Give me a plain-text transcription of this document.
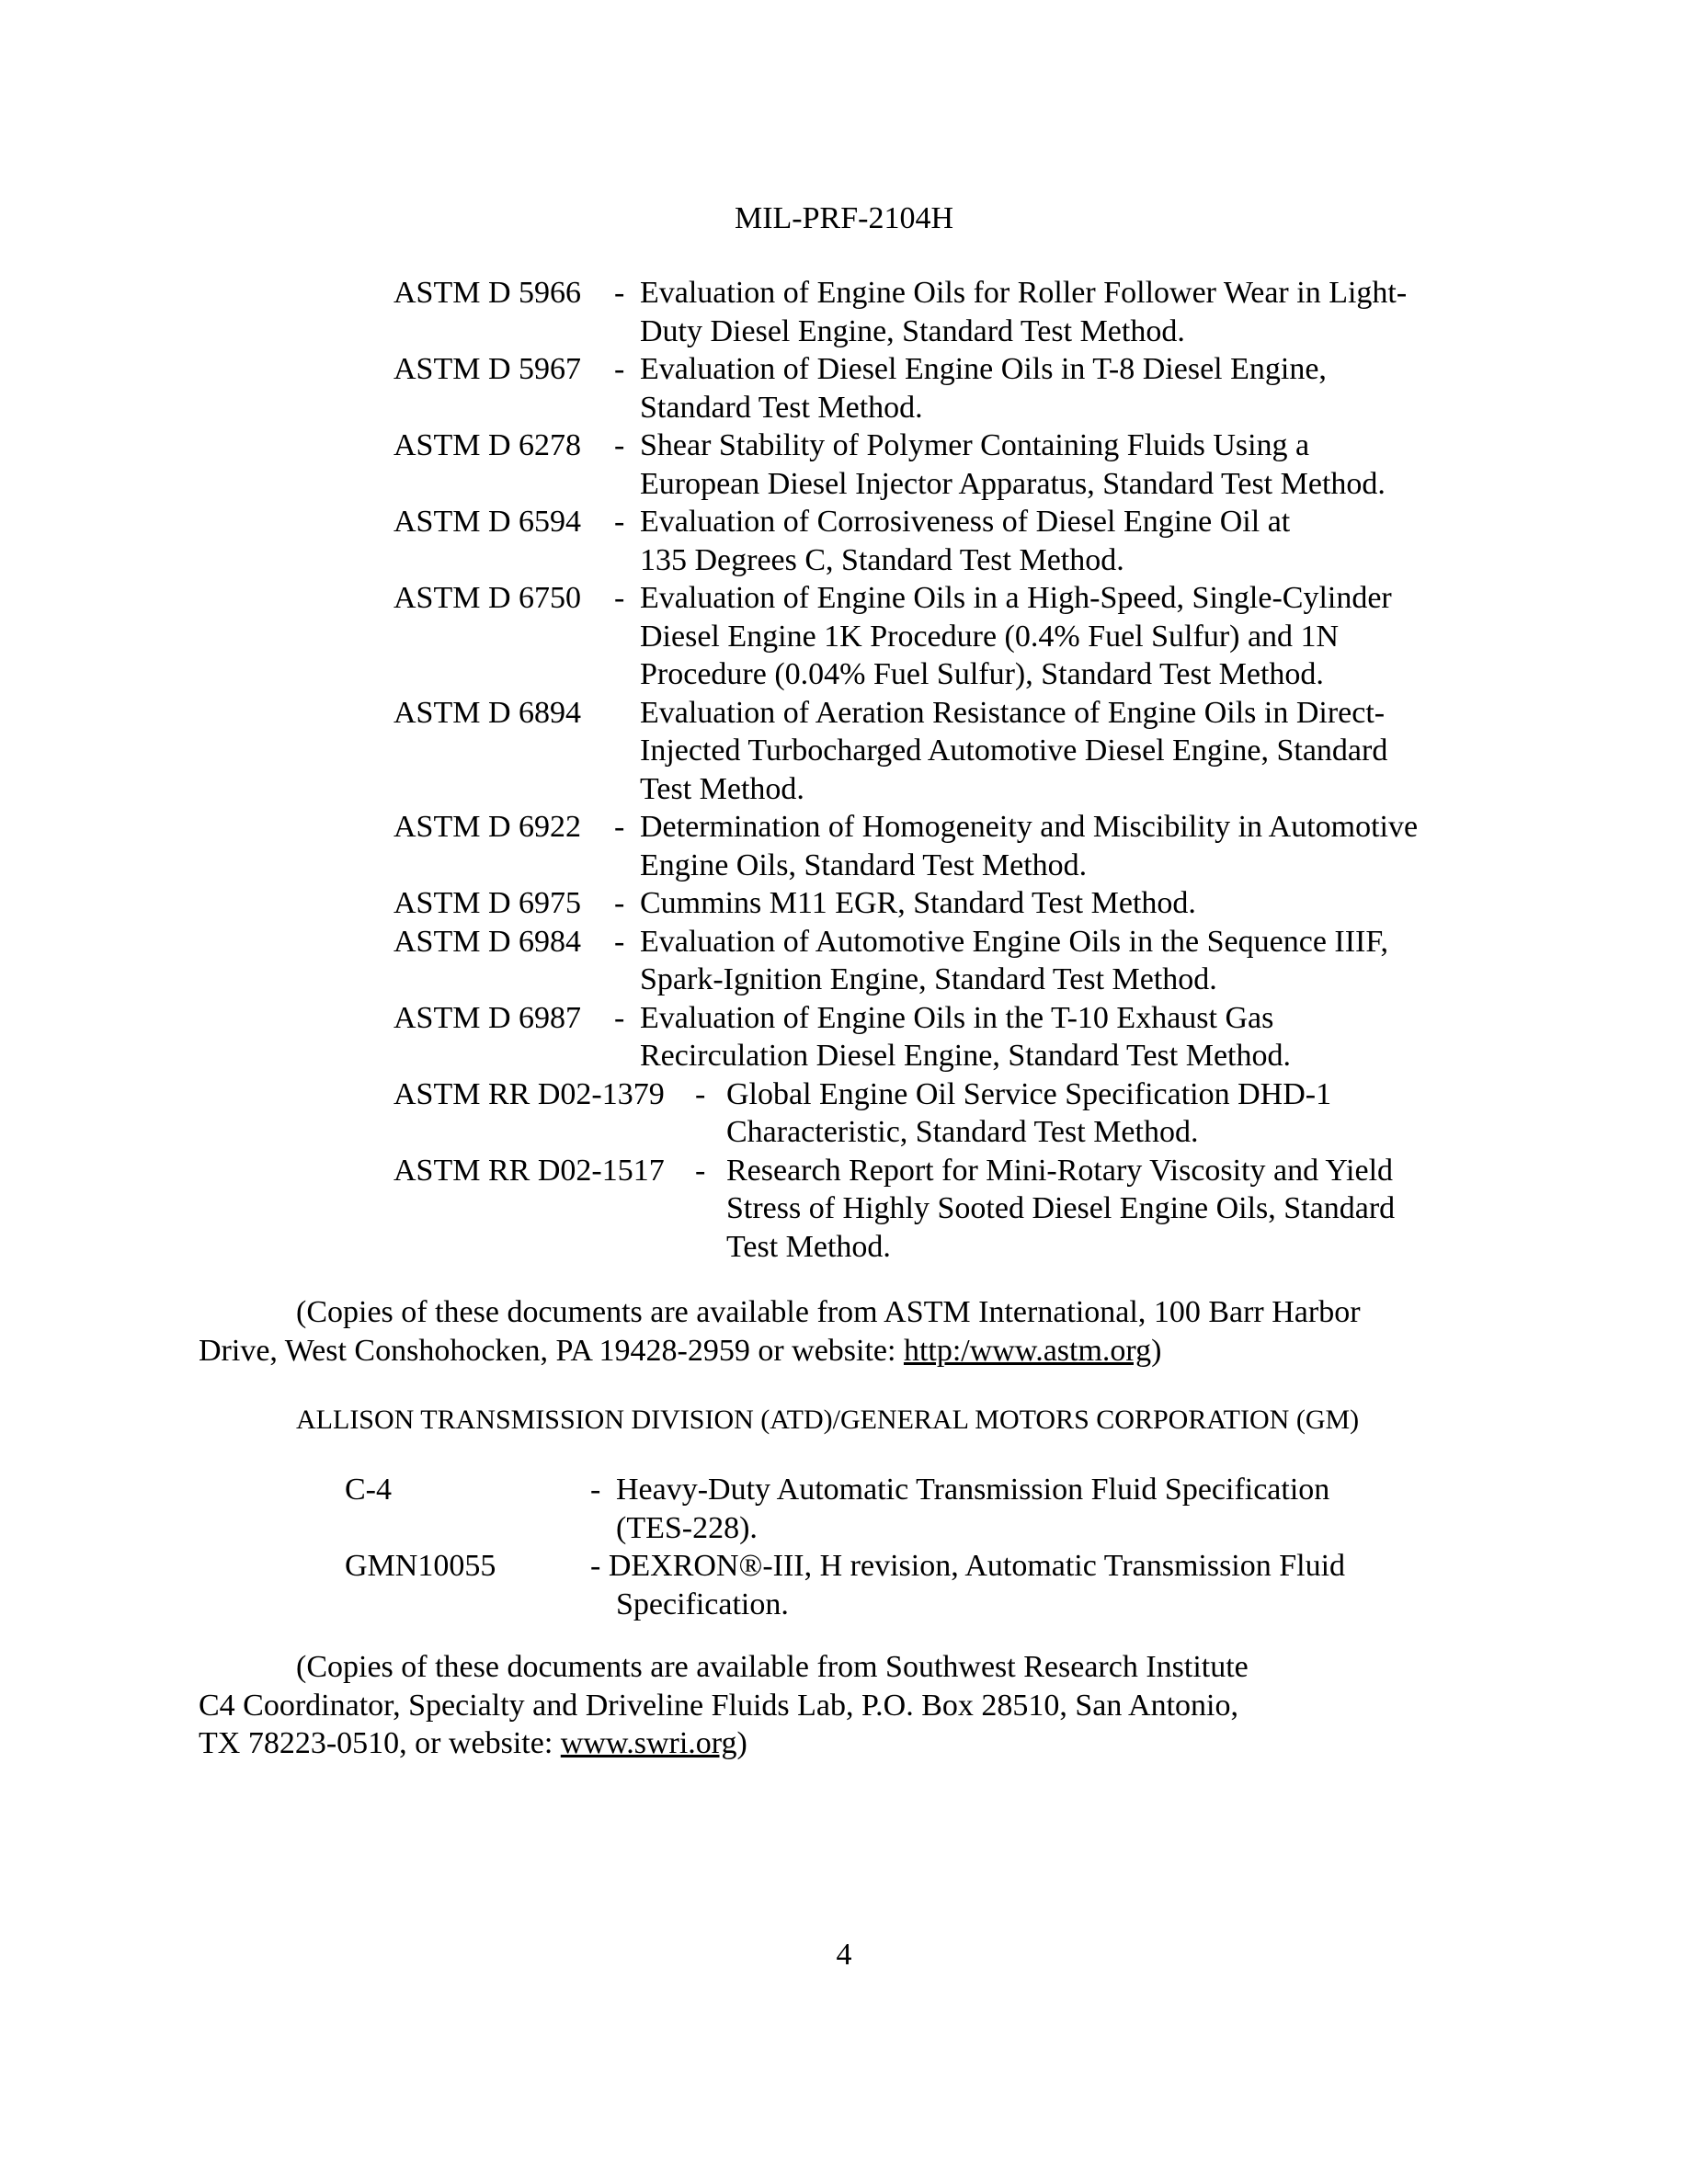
MIL-PRF-2104H
ASTM D 5966 - Evaluation of Engine Oils for Roller Follower Wear in Light-
Duty Diesel Engine, Standard Test Method.
ASTM D 5967 - Evaluation of Diesel Engine Oils in T-8 Diesel Engine,
Standard Test Method.
ASTM D 6278 - Shear Stability of Polymer Containing Fluids Using a
European Diesel Injector Apparatus, Standard Test Method.
ASTM D 6594 - Evaluation of Corrosiveness of Diesel Engine Oil at
135 Degrees C, Standard Test Method.
ASTM D 6750 - Evaluation of Engine Oils in a High-Speed, Single-Cylinder
Diesel Engine 1K Procedure (0.4% Fuel Sulfur) and 1N
Procedure (0.04% Fuel Sulfur), Standard Test Method.
ASTM D 6894 Evaluation of Aeration Resistance of Engine Oils in Direct-
Injected Turbocharged Automotive Diesel Engine, Standard
Test Method.
ASTM D 6922 - Determination of Homogeneity and Miscibility in Automotive
Engine Oils, Standard Test Method.
ASTM D 6975 - Cummins M11 EGR, Standard Test Method.
ASTM D 6984 - Evaluation of Automotive Engine Oils in the Sequence IIIF,
Spark-Ignition Engine, Standard Test Method.
ASTM D 6987 - Evaluation of Engine Oils in the T-10 Exhaust Gas
Recirculation Diesel Engine, Standard Test Method.
ASTM RR D02-1379 - Global Engine Oil Service Specification DHD-1
Characteristic, Standard Test Method.
ASTM RR D02-1517 - Research Report for Mini-Rotary Viscosity and Yield
Stress of Highly Sooted Diesel Engine Oils, Standard
Test Method.
(Copies of these documents are available from ASTM International, 100 Barr Harbor
Drive, West Conshohocken, PA 19428-2959 or website: http:/www.astm.org)
ALLISON TRANSMISSION DIVISION (ATD)/GENERAL MOTORS CORPORATION (GM)
C-4	- Heavy-Duty Automatic Transmission Fluid Specification
(TES-228).
GMN10055	- DEXRON®-III, H revision, Automatic Transmission Fluid
Specification.
(Copies of these documents are available from Southwest Research Institute
C4 Coordinator, Specialty and Driveline Fluids Lab, P.O. Box 28510, San Antonio,
TX 78223-0510, or website: www.swri.org)
4
